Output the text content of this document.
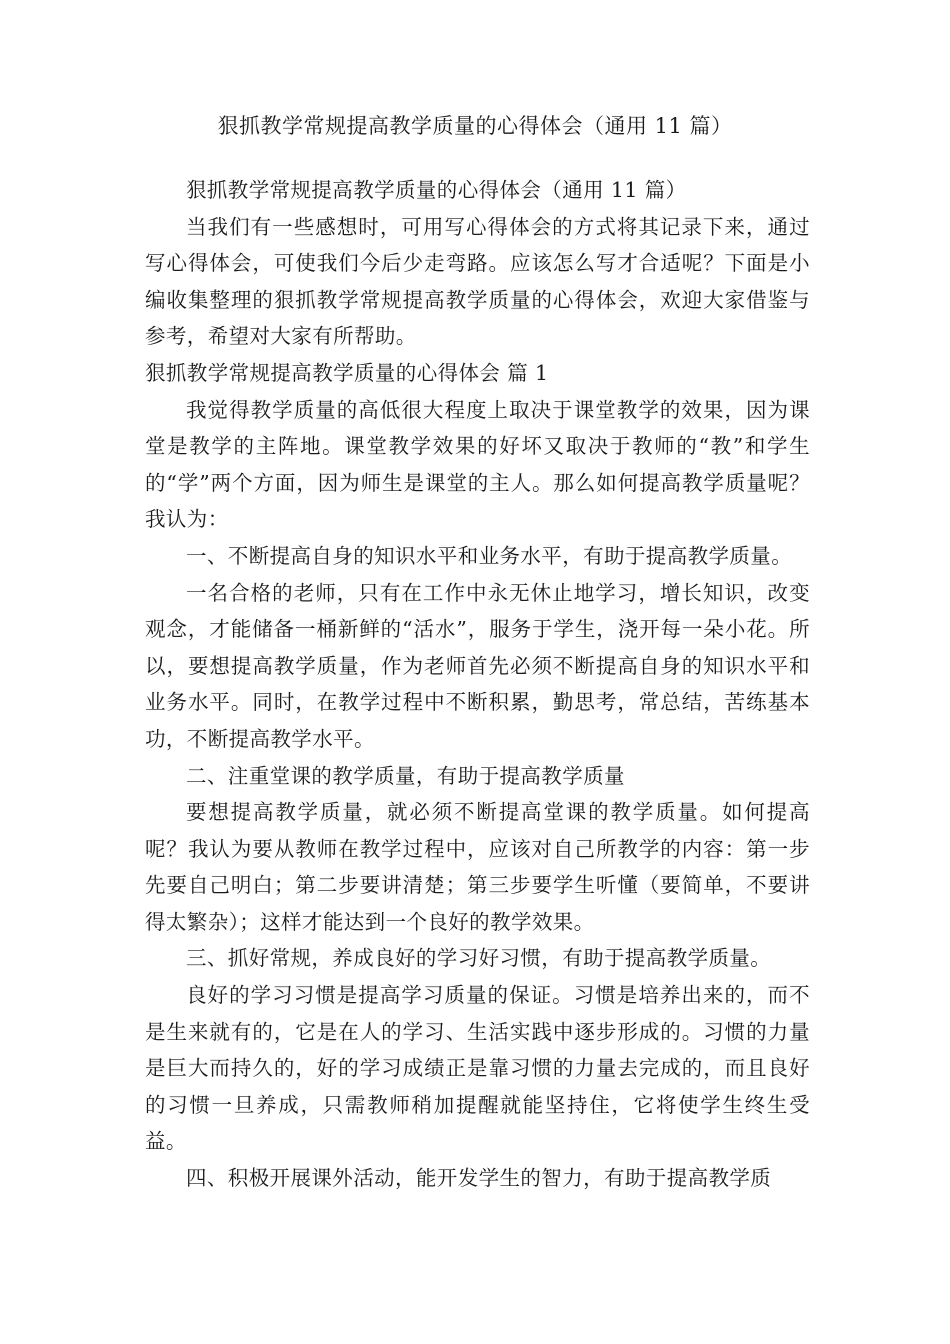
狠抓教学常规提高教学质量的心得体会（通用 11 篇）

狠抓教学常规提高教学质量的心得体会（通用 11 篇）

当我们有一些感想时，可用写心得体会的方式将其记录下来，通过写心得体会，可使我们今后少走弯路。应该怎么写才合适呢？下面是小编收集整理的狠抓教学常规提高教学质量的心得体会，欢迎大家借鉴与参考，希望对大家有所帮助。

狠抓教学常规提高教学质量的心得体会 篇 1

我觉得教学质量的高低很大程度上取决于课堂教学的效果，因为课堂是教学的主阵地。课堂教学效果的好坏又取决于教师的“教”和学生的“学”两个方面，因为师生是课堂的主人。那么如何提高教学质量呢？我认为：

一、不断提高自身的知识水平和业务水平，有助于提高教学质量。

一名合格的老师，只有在工作中永无休止地学习，增长知识，改变观念，才能储备一桶新鲜的“活水”，服务于学生，浇开每一朵小花。所以，要想提高教学质量，作为老师首先必须不断提高自身的知识水平和业务水平。同时，在教学过程中不断积累，勤思考，常总结，苦练基本功，不断提高教学水平。

二、注重堂课的教学质量，有助于提高教学质量

要想提高教学质量，就必须不断提高堂课的教学质量。如何提高呢？我认为要从教师在教学过程中，应该对自己所教学的内容：第一步先要自己明白；第二步要讲清楚；第三步要学生听懂（要简单，不要讲得太繁杂）；这样才能达到一个良好的教学效果。

三、抓好常规，养成良好的学习好习惯，有助于提高教学质量。

良好的学习习惯是提高学习质量的保证。习惯是培养出来的，而不是生来就有的，它是在人的学习、生活实践中逐步形成的。习惯的力量是巨大而持久的，好的学习成绩正是靠习惯的力量去完成的，而且良好的习惯一旦养成，只需教师稍加提醒就能坚持住，它将使学生终生受益。

四、积极开展课外活动，能开发学生的智力，有助于提高教学质
